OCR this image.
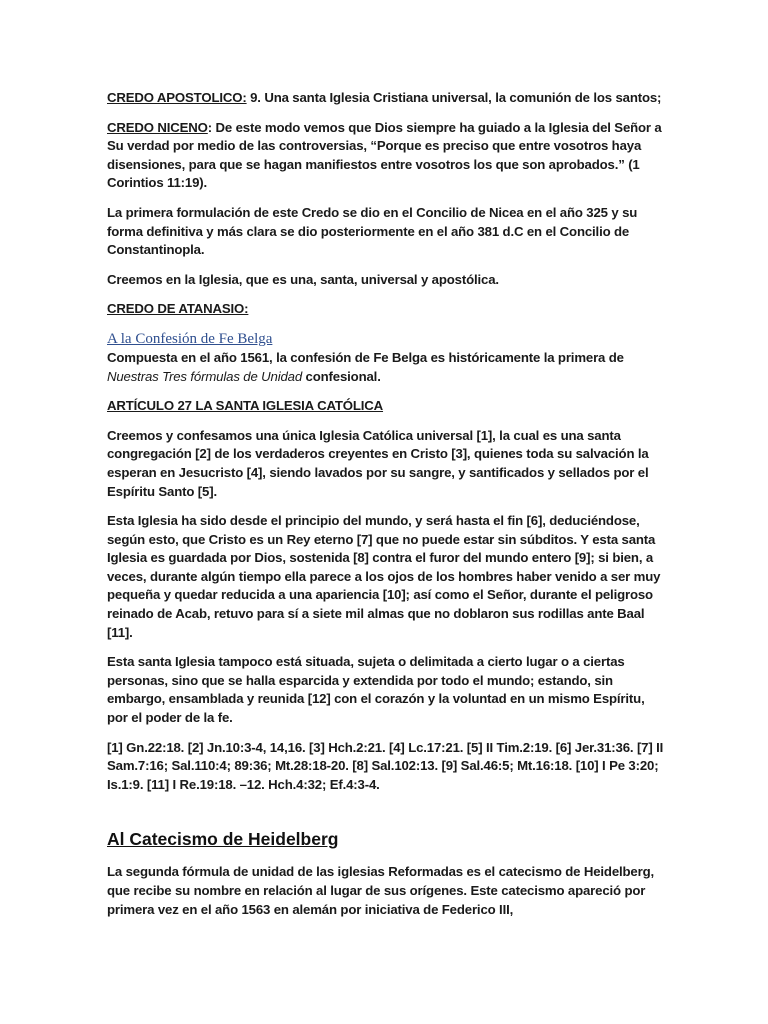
CREDO APOSTOLICO: 9. Una santa Iglesia Cristiana universal, la comunión de los santos;

CREDO NICENO: De este modo vemos que Dios siempre ha guiado a la Iglesia del Señor a Su verdad por medio de las controversias, “Porque es preciso que entre vosotros haya disensiones, para que se hagan manifiestos entre vosotros los que son aprobados.” (1 Corintios 11:19).

La primera formulación de este Credo se dio en el Concilio de Nicea en el año 325 y su forma definitiva y más clara se dio posteriormente en el año 381 d.C en el Concilio de Constantinopla.

Creemos en la Iglesia, que es una, santa, universal y apostólica.

CREDO DE ATANASIO:

A la Confesión de Fe Belga

Compuesta en el año 1561, la confesión de Fe Belga es históricamente la primera de Nuestras Tres fórmulas de Unidad confesional.

ARTÍCULO 27 LA SANTA IGLESIA CATÓLICA

Creemos y confesamos una única Iglesia Católica universal [1], la cual es una santa congregación [2] de los verdaderos creyentes en Cristo [3], quienes toda su salvación la esperan en Jesucristo [4], siendo lavados por su sangre, y santificados y sellados por el Espíritu Santo [5].

Esta Iglesia ha sido desde el principio del mundo, y será hasta el fin [6], deduciéndose, según esto, que Cristo es un Rey eterno [7] que no puede estar sin súbditos. Y esta santa Iglesia es guardada por Dios, sostenida [8] contra el furor del mundo entero [9]; si bien, a veces, durante algún tiempo ella parece a los ojos de los hombres haber venido a ser muy pequeña y quedar reducida a una apariencia [10]; así como el Señor, durante el peligroso reinado de Acab, retuvo para sí a siete mil almas que no doblaron sus rodillas ante Baal [11].

Esta santa Iglesia tampoco está situada, sujeta o delimitada a cierto lugar o a ciertas personas, sino que se halla esparcida y extendida por todo el mundo; estando, sin embargo, ensamblada y reunida [12] con el corazón y la voluntad en un mismo Espíritu, por el poder de la fe.

[1] Gn.22:18. [2] Jn.10:3-4, 14,16. [3] Hch.2:21. [4] Lc.17:21. [5] II Tim.2:19. [6] Jer.31:36. [7] II Sam.7:16; Sal.110:4; 89:36; Mt.28:18-20. [8] Sal.102:13. [9] Sal.46:5; Mt.16:18. [10] I Pe 3:20; Is.1:9. [11] I Re.19:18. –12. Hch.4:32; Ef.4:3-4.

Al Catecismo de Heidelberg

La segunda fórmula de unidad de las iglesias Reformadas es el catecismo de Heidelberg, que recibe su nombre en relación al lugar de sus orígenes. Este catecismo apareció por primera vez en el año 1563 en alemán por iniciativa de Federico III,
